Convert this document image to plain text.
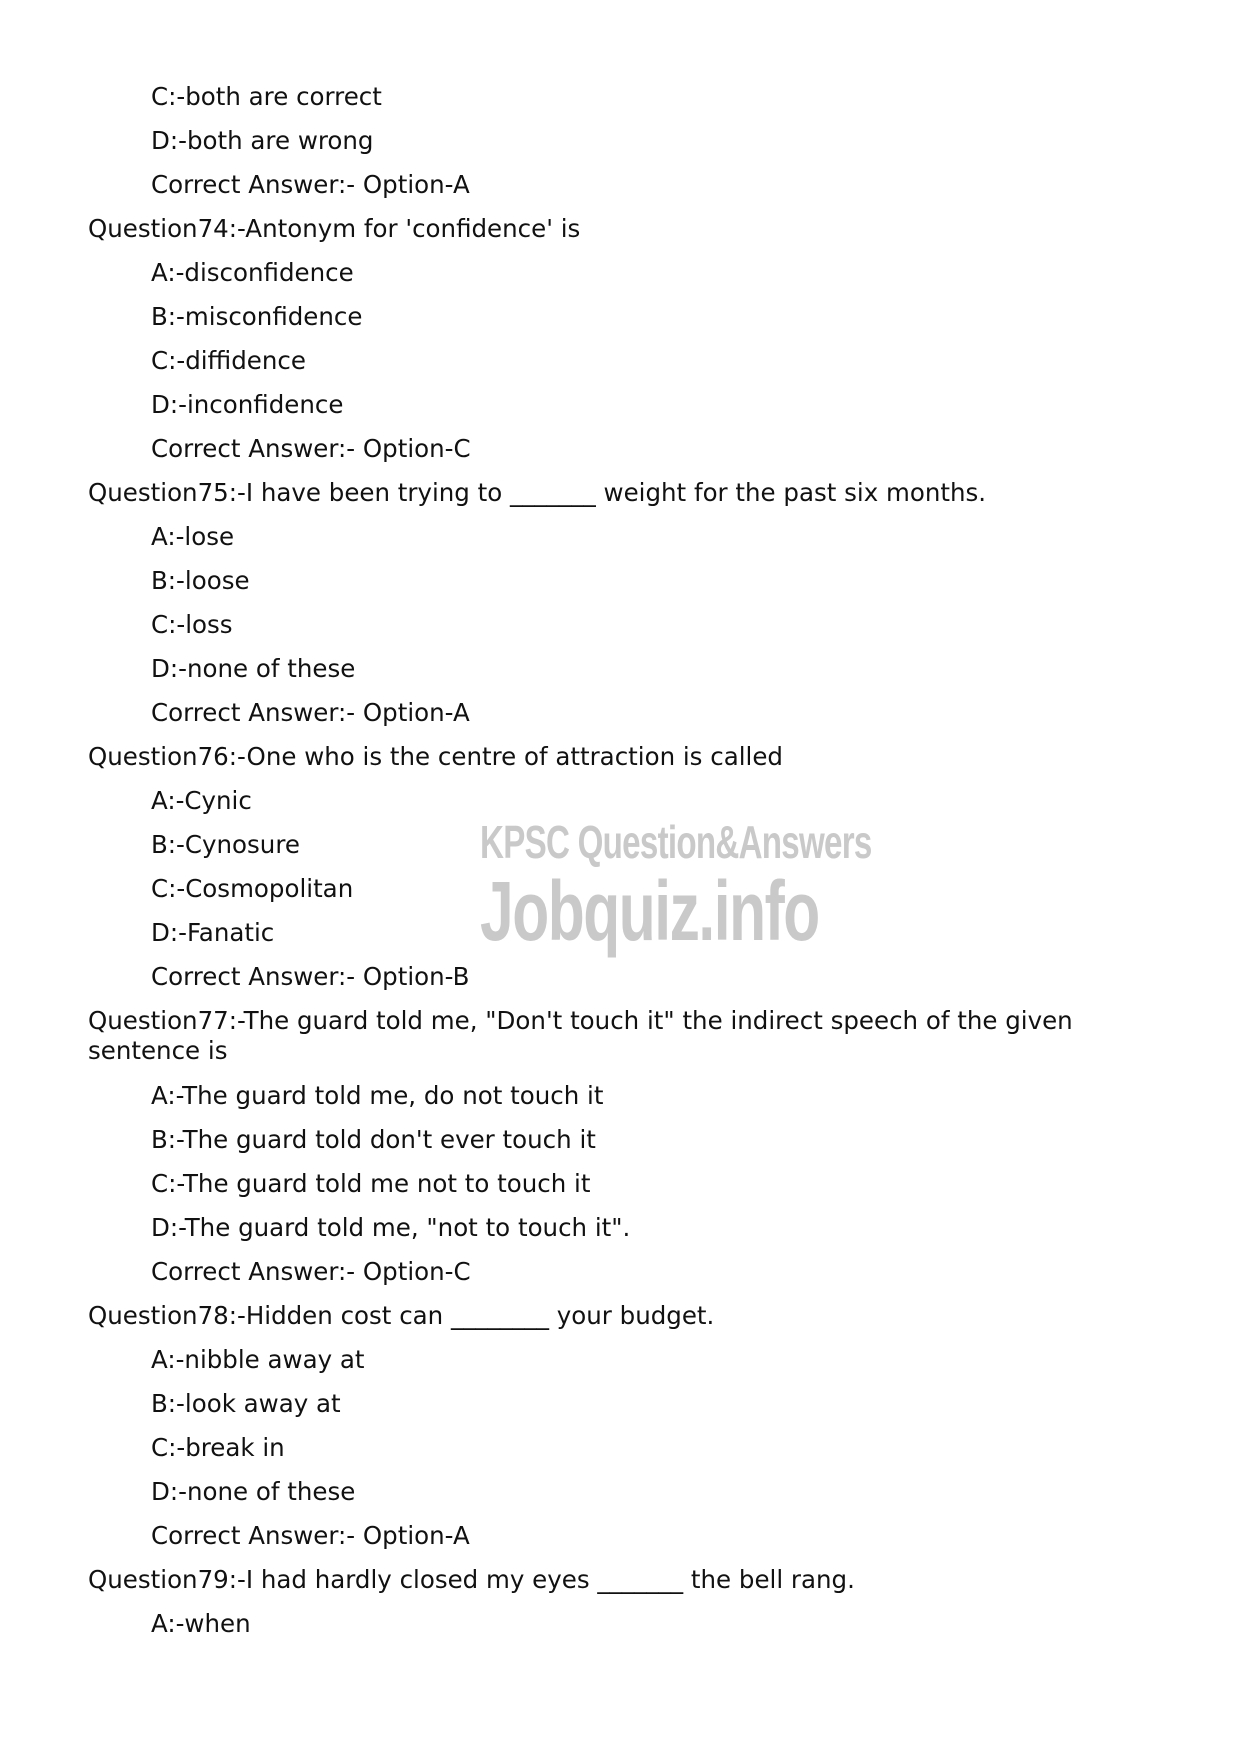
C:-both are correct
D:-both are wrong
Correct Answer:- Option-A
Question74:-Antonym for 'confidence' is
A:-disconfidence
B:-misconfidence
C:-diffidence
D:-inconfidence
Correct Answer:- Option-C
Question75:-I have been trying to _______ weight for the past six months.
A:-lose
B:-loose
C:-loss
D:-none of these
Correct Answer:- Option-A
Question76:-One who is the centre of attraction is called
A:-Cynic
B:-Cynosure
C:-Cosmopolitan
D:-Fanatic
Correct Answer:- Option-B
Question77:-The guard told me, "Don't touch it" the indirect speech of the given sentence is
A:-The guard told me, do not touch it
B:-The guard told don't ever touch it
C:-The guard told me not to touch it
D:-The guard told me, "not to touch it".
Correct Answer:- Option-C
Question78:-Hidden cost can ________ your budget.
A:-nibble away at
B:-look away at
C:-break in
D:-none of these
Correct Answer:- Option-A
Question79:-I had hardly closed my eyes _______ the bell rang.
A:-when
KPSC Question&Answers
Jobquiz.info
